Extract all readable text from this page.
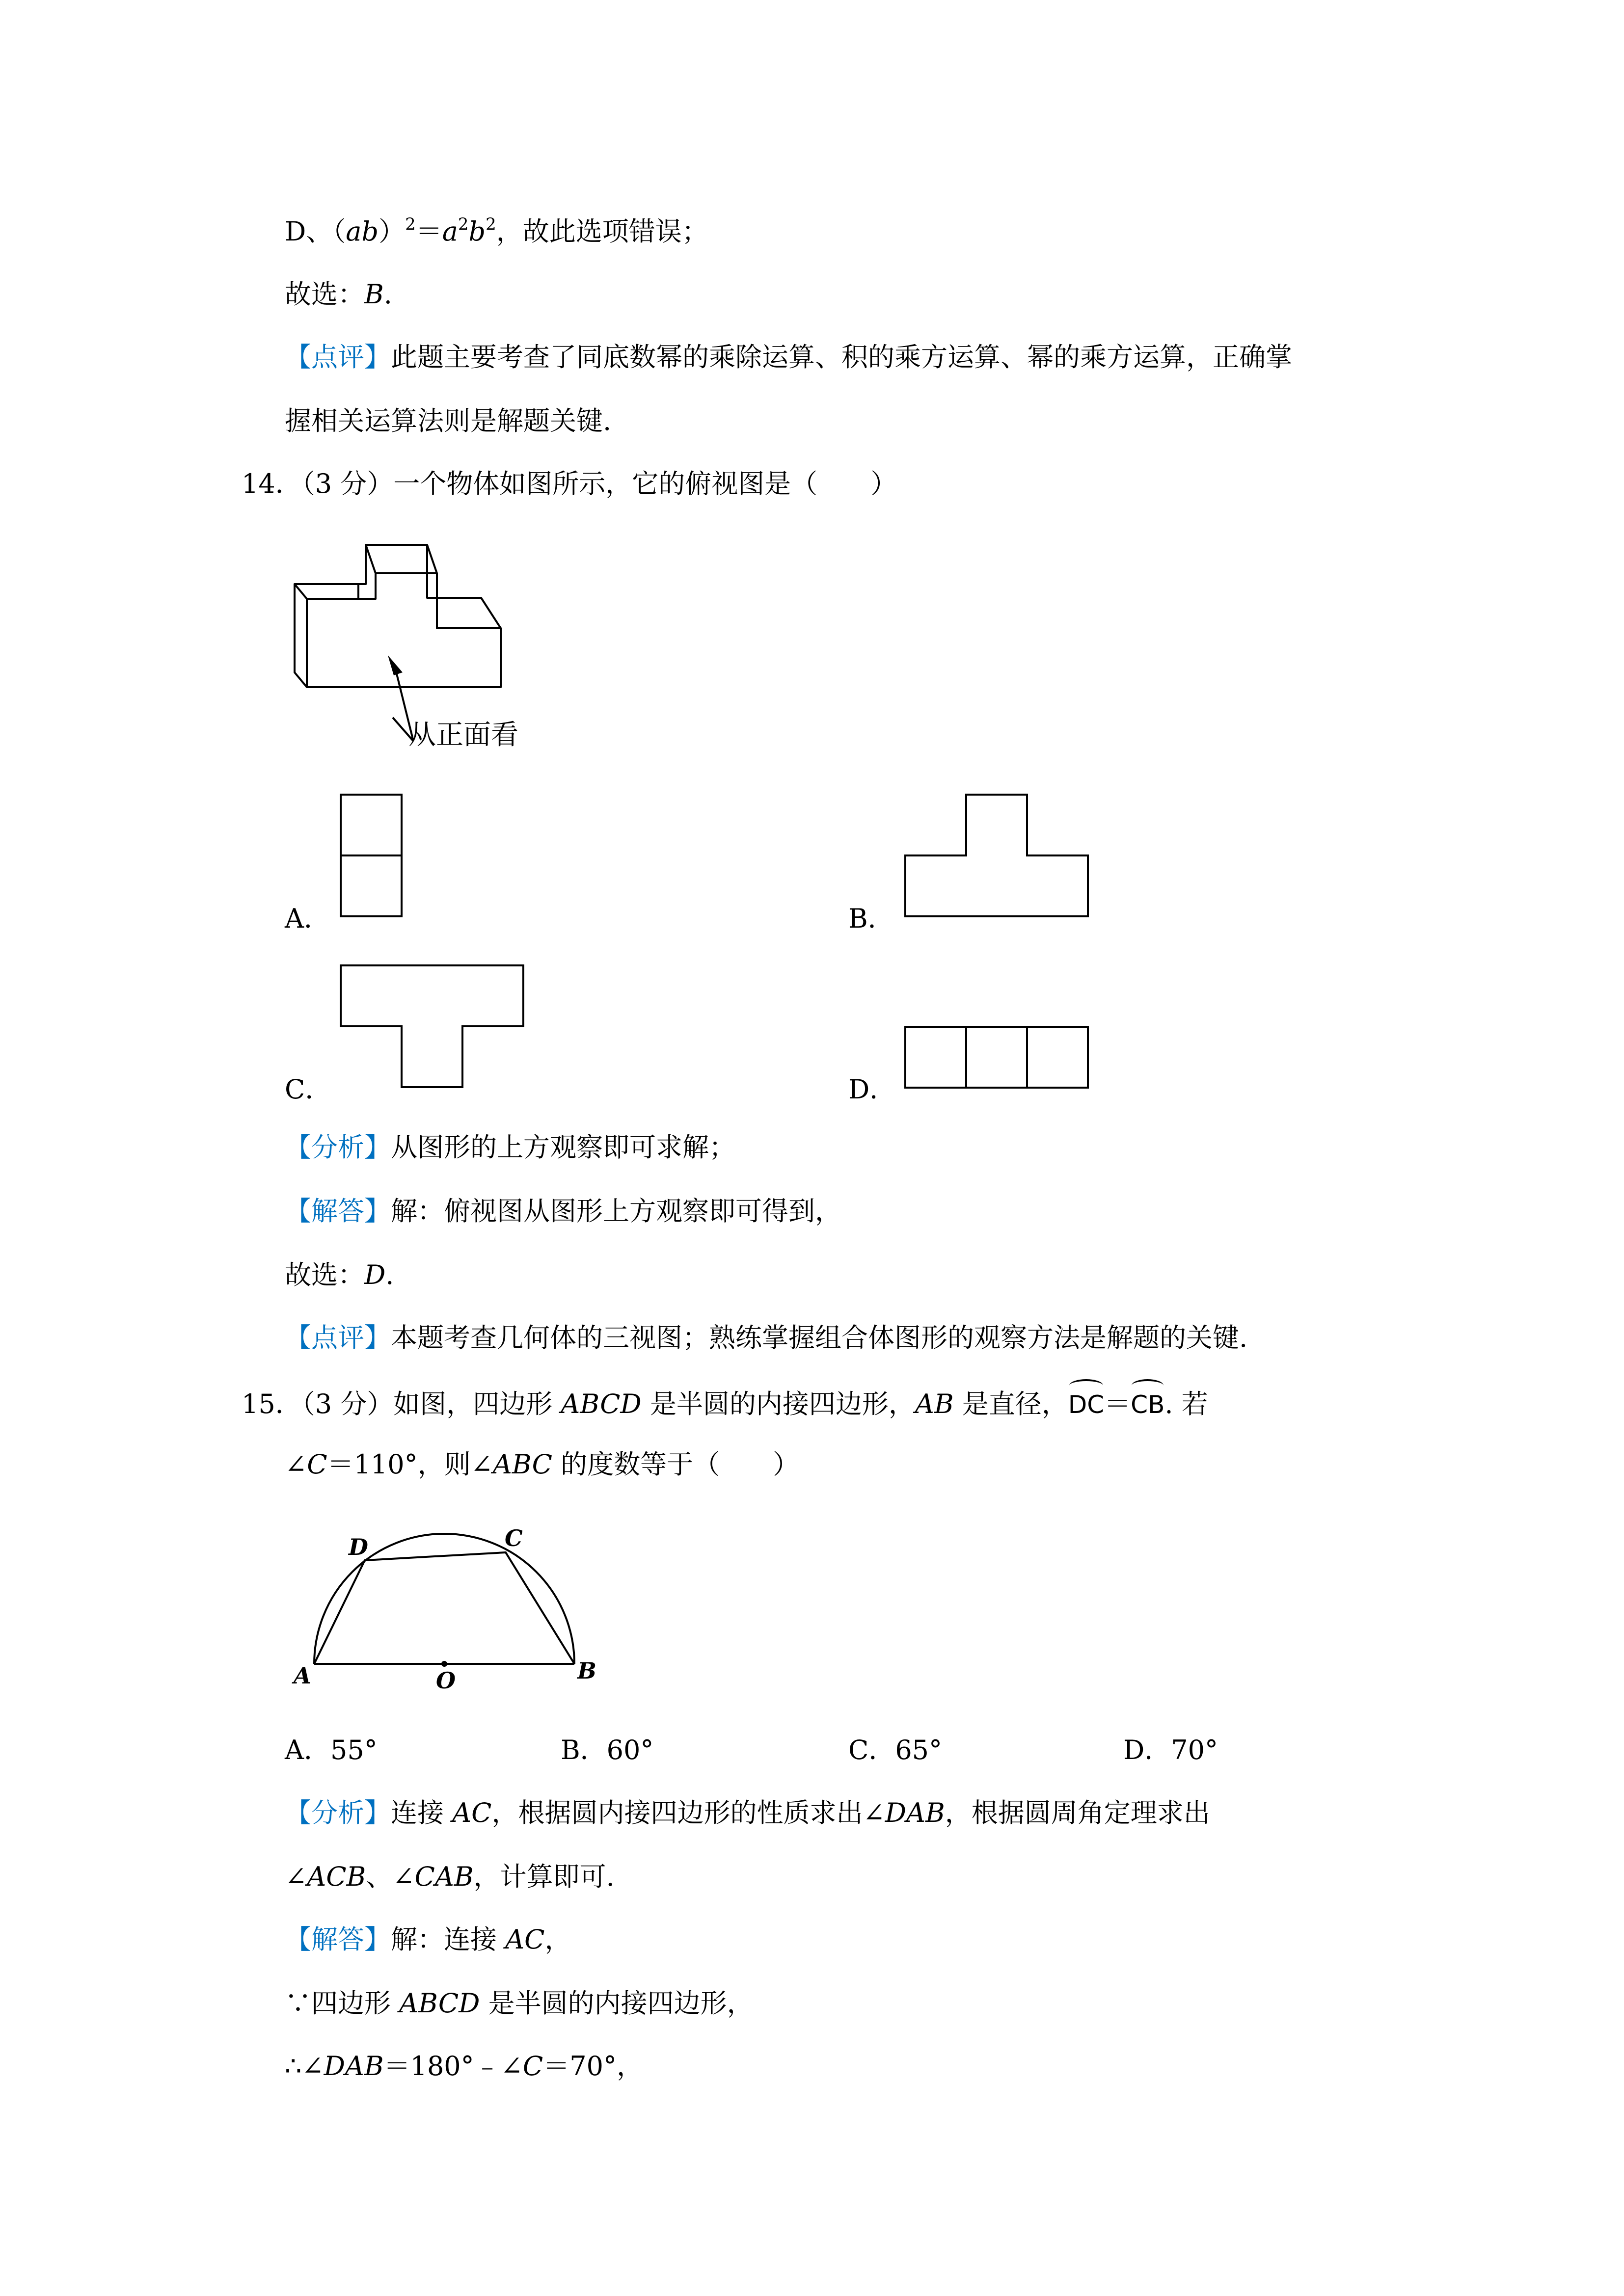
D、$(ab)^2=a^2b^2$，故此选项错误；
故选：B.
【点评】此题主要考查了同底数幂的乘除运算、积的乘方运算、幂的乘方运算，正确掌
握相关运算法则是解题关键.
14．（3 分）一个物体如图所示，它的俯视图是（　　）
从正面看
A．	B．
C．	D．
【分析】从图形的上方观察即可求解；
【解答】解：俯视图从图形上方观察即可得到，
故选：D.
【点评】本题考查几何体的三视图；熟练掌握组合体图形的观察方法是解题的关键.
15．（3 分）如图，四边形 ABCD 是半圆的内接四边形，AB 是直径，DC＝CB. 若
∠C＝110°，则∠ABC 的度数等于（　　）
A	B
C
D
O
A．55°	B．60°	C．65°	D．70°
【分析】连接 AC，根据圆内接四边形的性质求出∠DAB，根据圆周角定理求出
∠ACB、∠CAB，计算即可.
【解答】解：连接 AC，
∵四边形 ABCD 是半圆的内接四边形，
∴∠DAB＝180°﹣∠C＝70°，
